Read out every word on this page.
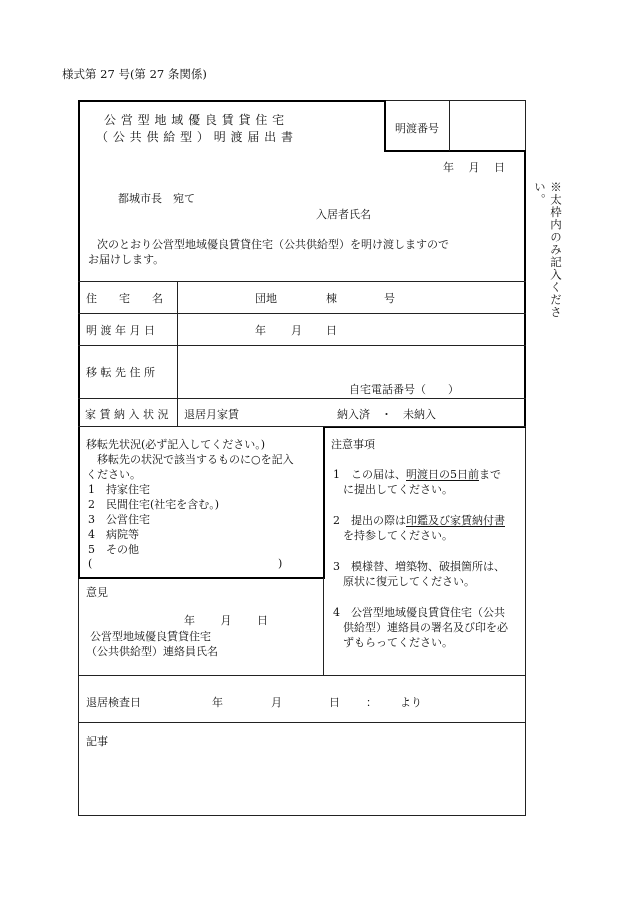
様式第 27 号(第 27 条関係)
公 営 型 地 域 優 良 賃 貸 住 宅
（ 公 共 供 給 型 ） 明 渡 届 出 書
明渡番号
年　 月　 日
都城市長　宛て
入居者氏名
次のとおり公営型地域優良賃貸住宅（公共供給型）を明け渡しますので
お届けします。
住　　宅　　名	団地	棟	号
明 渡 年 月 日	年 月 日
移 転 先 住 所
自宅電話番号（　　）
家 賃 納 入 状 況 退居月家賃	納入済　・　未納入
移転先状況(必ず記入してください。)
移転先の状況で該当するものに○を記入
ください。
1　 持家住宅
2　 民間住宅(社宅を含む。)
3　 公営住宅
4　 病院等
5　 その他
(	)
意見
年　　 月　　 日
公営型地域優良賃貸住宅
（公共供給型）連絡員氏名
注意事項
1　この届は、明渡日の5日前まで
に提出してください。
2　提出の際は印鑑及び家賃納付書
を持参してください。
3　模様替、増築物、破損箇所は、
原状に復元してください。
4　公営型地域優良賃貸住宅（公共
供給型）連絡員の署名及び印を必
ずもらってください。
退居検査日	年	月	日 ： より
記事
※太枠内のみ記入ください。
